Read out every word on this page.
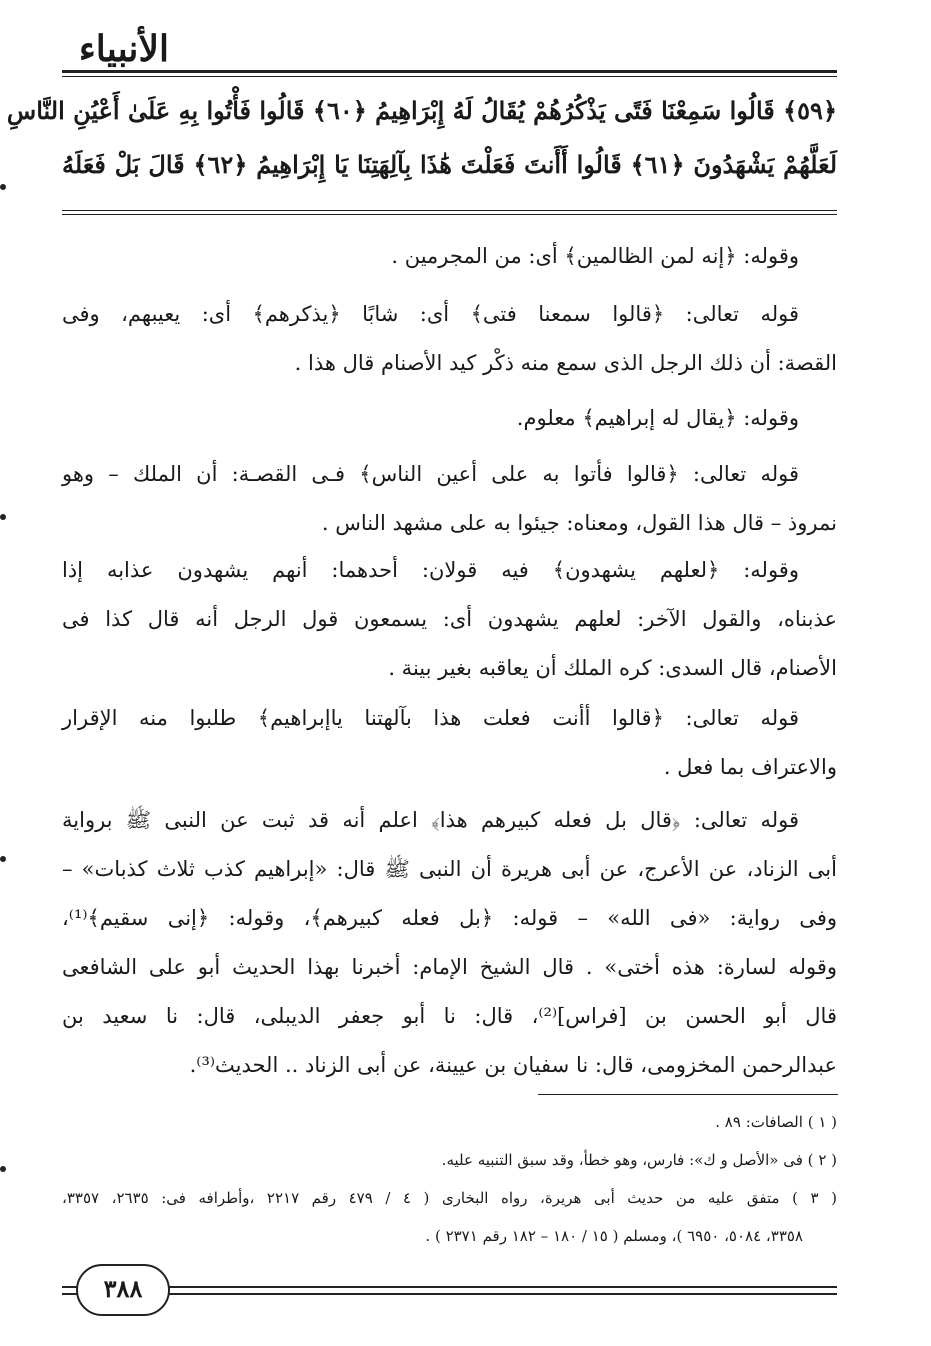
الأنبياء
﴿٥٩﴾ قَالُوا سَمِعْنَا فَتًى يَذْكُرُهُمْ يُقَالُ لَهُ إِبْرَاهِيمُ ﴿٦٠﴾ قَالُوا فَأْتُوا بِهِ عَلَىٰ أَعْيُنِ النَّاسِ
لَعَلَّهُمْ يَشْهَدُونَ ﴿٦١﴾ قَالُوا أَأَنتَ فَعَلْتَ هَٰذَا بِآلِهَتِنَا يَا إِبْرَاهِيمُ ﴿٦٢﴾ قَالَ بَلْ فَعَلَهُ
وقوله: ﴿إنه لمن الظالمين﴾ أى: من المجرمين .
قوله تعالى: ﴿قالوا سمعنا فتى﴾ أى: شابًا ﴿يذكرهم﴾ أى: يعيبهم، وفى
القصة: أن ذلك الرجل الذى سمع منه ذكْر كيد الأصنام قال هذا .
وقوله: ﴿يقال له إبراهيم﴾ معلوم.
قوله تعالى: ﴿قالوا فأتوا به على أعين الناس﴾ فـى القصـة: أن الملك – وهو
نمروذ – قال هذا القول، ومعناه: جيئوا به على مشهد الناس .
وقوله: ﴿لعلهم يشهدون﴾ فيه قولان: أحدهما: أنهم يشهدون عذابه إذا
عذبناه، والقول الآخر: لعلهم يشهدون أى: يسمعون قول الرجل أنه قال كذا فى
الأصنام، قال السدى: كره الملك أن يعاقبه بغير بينة .
قوله تعالى: ﴿قالوا أأنت فعلت هذا بآلهتنا ياإبراهيم﴾ طلبوا منه الإقرار
والاعتراف بما فعل .
قوله تعالى: ﴿قال بل فعله كبيرهم هذا﴾ اعلم أنه قد ثبت عن النبى ﷺ برواية
أبى الزناد، عن الأعرج، عن أبى هريرة أن النبى ﷺ قال: «إبراهيم كذب ثلاث كذبات» –
وفى رواية: «فى الله» – قوله: ﴿بل فعله كبيرهم﴾، وقوله: ﴿إنى سقيم﴾⁽¹⁾،
وقوله لسارة: هذه أختى» . قال الشيخ الإمام: أخبرنا بهذا الحديث أبو على الشافعى
قال أبو الحسن بن [فراس]⁽²⁾، قال: نا أبو جعفر الديبلى، قال: نا سعيد بن
عبدالرحمن المخزومى، قال: نا سفيان بن عيينة، عن أبى الزناد .. الحديث⁽³⁾.
( ١ ) الصافات: ٨٩ .
( ٢ ) فى «الأصل و ك»: فارس، وهو خطأ، وقد سبق التنبيه عليه.
( ٣ ) متفق عليه من حديث أبى هريرة، رواه البخارى ( ٤ / ٤٧٩ رقم ٢٢١٧ ،وأطرافه فى: ٢٦٣٥، ٣٣٥٧،
٣٣٥٨، ٥٠٨٤، ٦٩٥٠ )، ومسلم ( ١٥ / ١٨٠ – ١٨٢ رقم ٢٣٧١ ) .
٣٨٨
